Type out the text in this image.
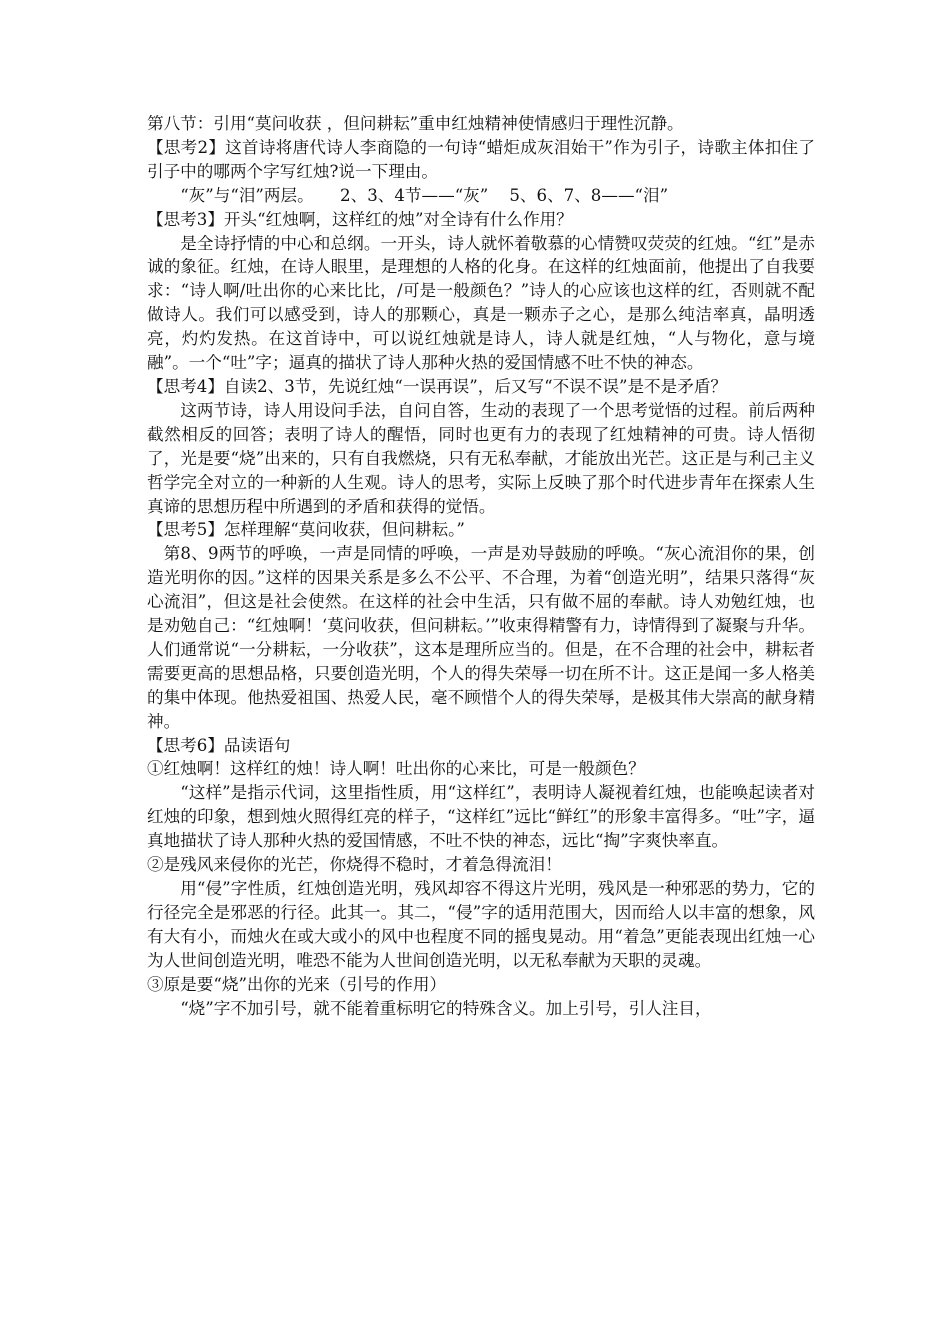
第八节：引用“莫问收获 ，但问耕耘”重申红烛精神使情感归于理性沉静。

【思考2】这首诗将唐代诗人李商隐的一句诗“蜡炬成灰泪始干”作为引子，诗歌主体扣住了引子中的哪两个字写红烛?说一下理由。

“灰”与“泪”两层。     2、3、4节——“灰”    5、6、7、8——“泪”

【思考3】开头“红烛啊，这样红的烛”对全诗有什么作用？

是全诗抒情的中心和总纲。一开头，诗人就怀着敬慕的心情赞叹荧荧的红烛。“红”是赤诚的象征。红烛，在诗人眼里，是理想的人格的化身。在这样的红烛面前，他提出了自我要求：“诗人啊/吐出你的心来比比，/可是一般颜色？”诗人的心应该也这样的红，否则就不配做诗人。我们可以感受到，诗人的那颗心，真是一颗赤子之心，是那么纯洁率真，晶明透亮，灼灼发热。在这首诗中，可以说红烛就是诗人，诗人就是红烛，“人与物化，意与境融”。一个“吐”字；逼真的描状了诗人那种火热的爱国情感不吐不快的神态。

【思考4】自读2、3节，先说红烛“一误再误”，后又写“不误不误”是不是矛盾？

这两节诗，诗人用设问手法，自问自答，生动的表现了一个思考觉悟的过程。前后两种截然相反的回答；表明了诗人的醒悟，同时也更有力的表现了红烛精神的可贵。诗人悟彻了，光是要“烧”出来的，只有自我燃烧，只有无私奉献，才能放出光芒。这正是与利己主义哲学完全对立的一种新的人生观。诗人的思考，实际上反映了那个时代进步青年在探索人生真谛的思想历程中所遇到的矛盾和获得的觉悟。

【思考5】怎样理解“莫问收获，但问耕耘。”

第8、9两节的呼唤，一声是同情的呼唤，一声是劝导鼓励的呼唤。“灰心流泪你的果，创造光明你的因。”这样的因果关系是多么不公平、不合理，为着“创造光明”，结果只落得“灰心流泪”，但这是社会使然。在这样的社会中生活，只有做不屈的奉献。诗人劝勉红烛，也是劝勉自己：“红烛啊！‘莫问收获，但问耕耘。’”收束得精警有力，诗情得到了凝聚与升华。人们通常说“一分耕耘，一分收获”，这本是理所应当的。但是，在不合理的社会中，耕耘者需要更高的思想品格，只要创造光明，个人的得失荣辱一切在所不计。这正是闻一多人格美的集中体现。他热爱祖国、热爱人民，毫不顾惜个人的得失荣辱，是极其伟大崇高的献身精神。

【思考6】品读语句

①红烛啊！这样红的烛！诗人啊！吐出你的心来比，可是一般颜色？

“这样”是指示代词，这里指性质，用“这样红”，表明诗人凝视着红烛，也能唤起读者对红烛的印象，想到烛火照得红亮的样子，“这样红”远比“鲜红”的形象丰富得多。“吐”字，逼真地描状了诗人那种火热的爱国情感，不吐不快的神态，远比“掏”字爽快率直。

②是残风来侵你的光芒，你烧得不稳时，才着急得流泪！

用“侵”字性质，红烛创造光明，残风却容不得这片光明，残风是一种邪恶的势力，它的行径完全是邪恶的行径。此其一。其二，“侵”字的适用范围大，因而给人以丰富的想象，风有大有小，而烛火在或大或小的风中也程度不同的摇曳晃动。用“着急”更能表现出红烛一心为人世间创造光明，唯恐不能为人世间创造光明，以无私奉献为天职的灵魂。

③原是要“烧”出你的光来（引号的作用）

“烧”字不加引号，就不能着重标明它的特殊含义。加上引号，引人注目，
